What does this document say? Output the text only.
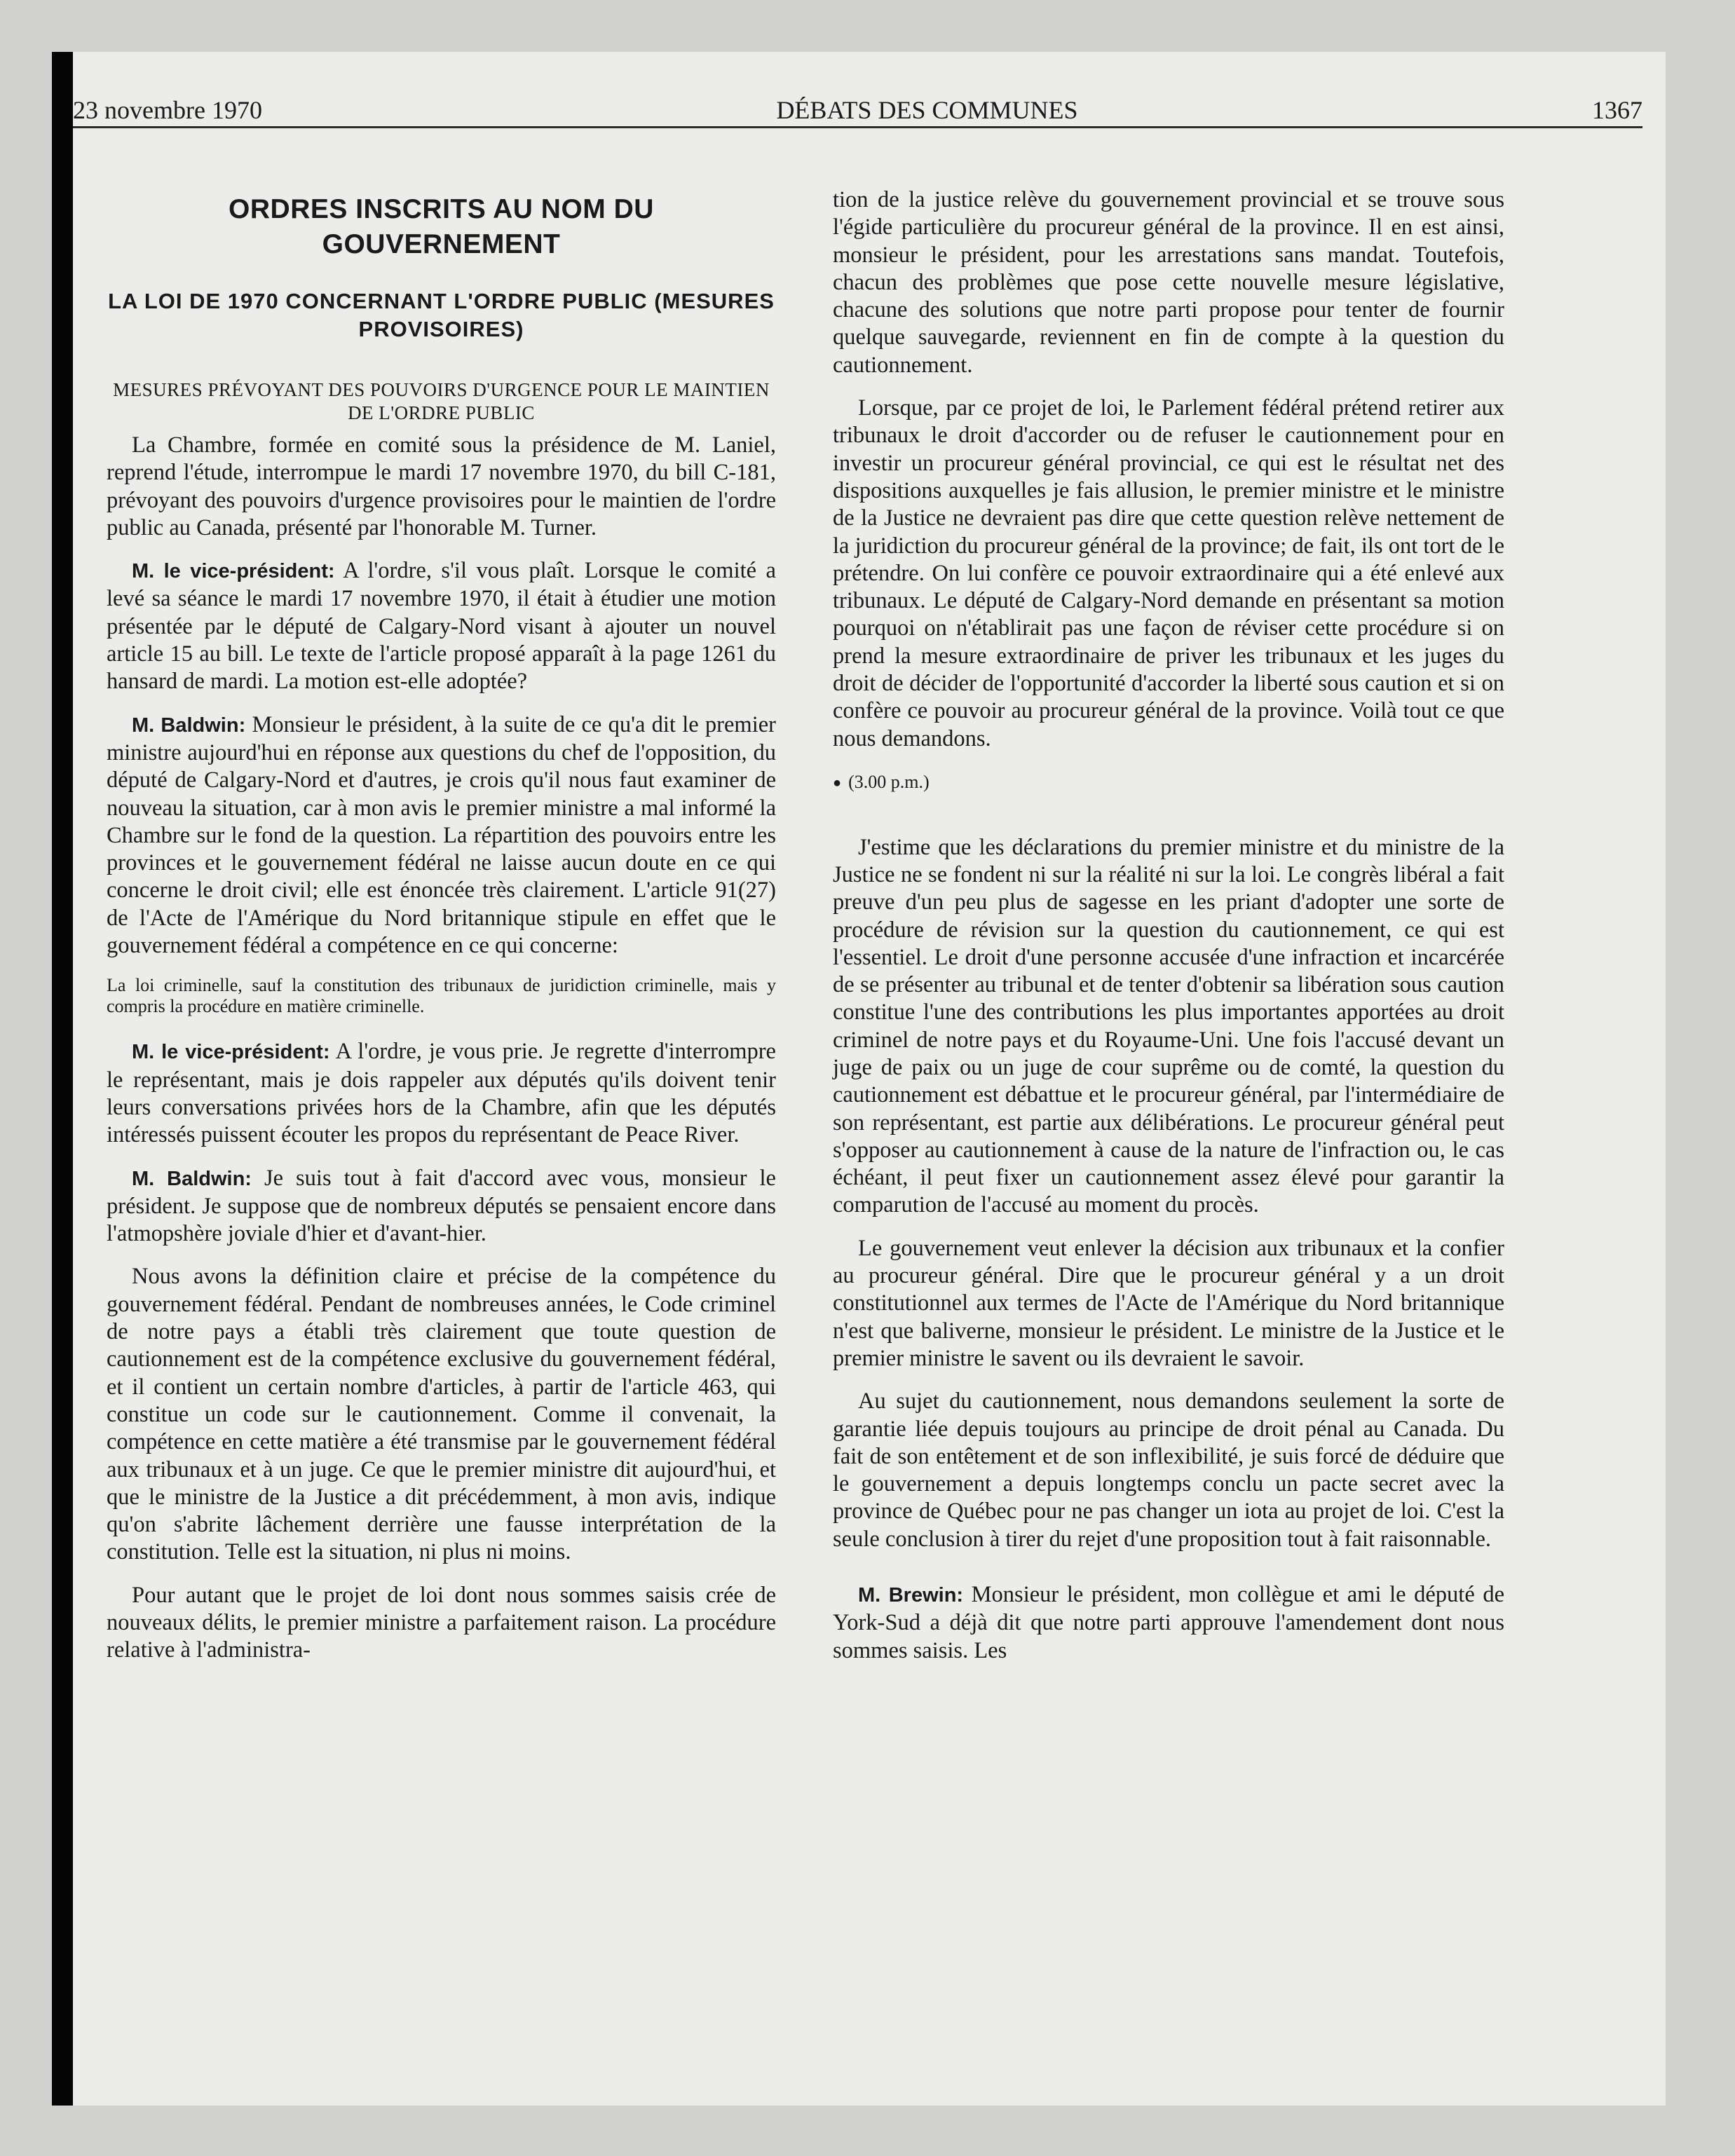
23 novembre 1970	DÉBATS DES COMMUNES	1367
ORDRES INSCRITS AU NOM DU GOUVERNEMENT
LA LOI DE 1970 CONCERNANT L'ORDRE PUBLIC (MESURES PROVISOIRES)
MESURES PRÉVOYANT DES POUVOIRS D'URGENCE POUR LE MAINTIEN DE L'ORDRE PUBLIC

La Chambre, formée en comité sous la présidence de M. Laniel, reprend l'étude, interrompue le mardi 17 novembre 1970, du bill C-181, prévoyant des pouvoirs d'urgence provisoires pour le maintien de l'ordre public au Canada, présenté par l'honorable M. Turner.

M. le vice-président: A l'ordre, s'il vous plaît. Lorsque le comité a levé sa séance le mardi 17 novembre 1970, il était à étudier une motion présentée par le député de Calgary-Nord visant à ajouter un nouvel article 15 au bill. Le texte de l'article proposé apparaît à la page 1261 du hansard de mardi. La motion est-elle adoptée?

M. Baldwin: Monsieur le président, à la suite de ce qu'a dit le premier ministre aujourd'hui en réponse aux questions du chef de l'opposition, du député de Calgary-Nord et d'autres, je crois qu'il nous faut examiner de nouveau la situation, car à mon avis le premier ministre a mal informé la Chambre sur le fond de la question. La répartition des pouvoirs entre les provinces et le gouvernement fédéral ne laisse aucun doute en ce qui concerne le droit civil; elle est énoncée très clairement. L'article 91(27) de l'Acte de l'Amérique du Nord britannique stipule en effet que le gouvernement fédéral a compétence en ce qui concerne:

La loi criminelle, sauf la constitution des tribunaux de juridiction criminelle, mais y compris la procédure en matière criminelle.

M. le vice-président: A l'ordre, je vous prie. Je regrette d'interrompre le représentant, mais je dois rappeler aux députés qu'ils doivent tenir leurs conversations privées hors de la Chambre, afin que les députés intéressés puissent écouter les propos du représentant de Peace River.

M. Baldwin: Je suis tout à fait d'accord avec vous, monsieur le président. Je suppose que de nombreux députés se pensaient encore dans l'atmopshère joviale d'hier et d'avant-hier.

Nous avons la définition claire et précise de la compétence du gouvernement fédéral. Pendant de nombreuses années, le Code criminel de notre pays a établi très clairement que toute question de cautionnement est de la compétence exclusive du gouvernement fédéral, et il contient un certain nombre d'articles, à partir de l'article 463, qui constitue un code sur le cautionnement. Comme il convenait, la compétence en cette matière a été transmise par le gouvernement fédéral aux tribunaux et à un juge. Ce que le premier ministre dit aujourd'hui, et que le ministre de la Justice a dit précédemment, à mon avis, indique qu'on s'abrite lâchement derrière une fausse interprétation de la constitution. Telle est la situation, ni plus ni moins.

Pour autant que le projet de loi dont nous sommes saisis crée de nouveaux délits, le premier ministre a parfaitement raison. La procédure relative à l'administra-

tion de la justice relève du gouvernement provincial et se trouve sous l'égide particulière du procureur général de la province. Il en est ainsi, monsieur le président, pour les arrestations sans mandat. Toutefois, chacun des problèmes que pose cette nouvelle mesure législative, chacune des solutions que notre parti propose pour tenter de fournir quelque sauvegarde, reviennent en fin de compte à la question du cautionnement.

Lorsque, par ce projet de loi, le Parlement fédéral prétend retirer aux tribunaux le droit d'accorder ou de refuser le cautionnement pour en investir un procureur général provincial, ce qui est le résultat net des dispositions auxquelles je fais allusion, le premier ministre et le ministre de la Justice ne devraient pas dire que cette question relève nettement de la juridiction du procureur général de la province; de fait, ils ont tort de le prétendre. On lui confère ce pouvoir extraordinaire qui a été enlevé aux tribunaux. Le député de Calgary-Nord demande en présentant sa motion pourquoi on n'établirait pas une façon de réviser cette procédure si on prend la mesure extraordinaire de priver les tribunaux et les juges du droit de décider de l'opportunité d'accorder la liberté sous caution et si on confère ce pouvoir au procureur général de la province. Voilà tout ce que nous demandons.

● (3.00 p.m.)

J'estime que les déclarations du premier ministre et du ministre de la Justice ne se fondent ni sur la réalité ni sur la loi. Le congrès libéral a fait preuve d'un peu plus de sagesse en les priant d'adopter une sorte de procédure de révision sur la question du cautionnement, ce qui est l'essentiel. Le droit d'une personne accusée d'une infraction et incarcérée de se présenter au tribunal et de tenter d'obtenir sa libération sous caution constitue l'une des contributions les plus importantes apportées au droit criminel de notre pays et du Royaume-Uni. Une fois l'accusé devant un juge de paix ou un juge de cour suprême ou de comté, la question du cautionnement est débattue et le procureur général, par l'intermédiaire de son représentant, est partie aux délibérations. Le procureur général peut s'opposer au cautionnement à cause de la nature de l'infraction ou, le cas échéant, il peut fixer un cautionnement assez élevé pour garantir la comparution de l'accusé au moment du procès.

Le gouvernement veut enlever la décision aux tribunaux et la confier au procureur général. Dire que le procureur général y a un droit constitutionnel aux termes de l'Acte de l'Amérique du Nord britannique n'est que baliverne, monsieur le président. Le ministre de la Justice et le premier ministre le savent ou ils devraient le savoir.

Au sujet du cautionnement, nous demandons seulement la sorte de garantie liée depuis toujours au principe de droit pénal au Canada. Du fait de son entêtement et de son inflexibilité, je suis forcé de déduire que le gouvernement a depuis longtemps conclu un pacte secret avec la province de Québec pour ne pas changer un iota au projet de loi. C'est la seule conclusion à tirer du rejet d'une proposition tout à fait raisonnable.

M. Brewin: Monsieur le président, mon collègue et ami le député de York-Sud a déjà dit que notre parti approuve l'amendement dont nous sommes saisis. Les
